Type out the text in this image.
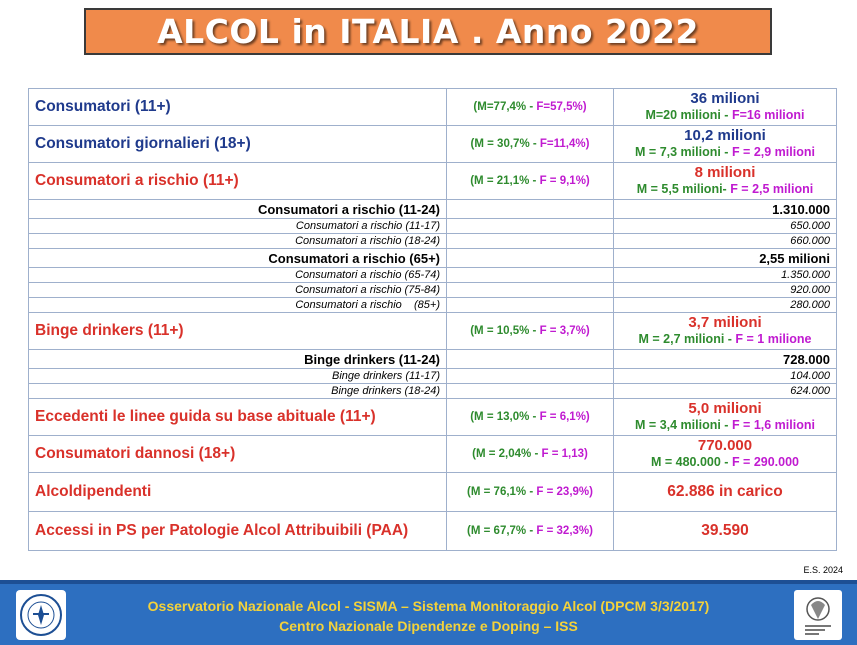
ALCOL in ITALIA . Anno 2022
Consumatori (11+)	(M=77,4% - F=57,5%)	36 milioni
M=20 milioni - F=16 milioni

Consumatori giornalieri (18+)	(M = 30,7% - F=11,4%)	10,2 milioni
M = 7,3 milioni - F = 2,9 milioni

Consumatori a rischio (11+)	(M = 21,1% - F = 9,1%)	8 milioni
M = 5,5 milioni- F = 2,5 milioni

Consumatori a rischio (11-24)		1.310.000
Consumatori a rischio (11-17)		650.000
Consumatori a rischio (18-24)		660.000
Consumatori a rischio (65+)		2,55 milioni
Consumatori a rischio (65-74)		1.350.000
Consumatori a rischio (75-84)		920.000
Consumatori a rischio    (85+)		280.000
Binge drinkers (11+)	(M = 10,5% - F = 3,7%)	3,7 milioni
M = 2,7 milioni - F = 1 milione

Binge drinkers (11-24)		728.000
Binge drinkers (11-17)		104.000
Binge drinkers (18-24)		624.000
Eccedenti le linee guida su base abituale (11+)	(M = 13,0% - F = 6,1%)	5,0 milioni
M = 3,4 milioni - F = 1,6 milioni

Consumatori dannosi (18+)	(M = 2,04% - F = 1,13)	770.000
M = 480.000 - F = 290.000

Alcoldipendenti	(M = 76,1% - F = 23,9%)	62.886 in carico
Accessi in PS per Patologie Alcol Attribuibili (PAA)	(M = 67,7% - F = 32,3%)	39.590
E.S. 2024
Osservatorio Nazionale Alcol - SISMA – Sistema Monitoraggio Alcol (DPCM 3/3/2017)
Centro Nazionale Dipendenze e Doping – ISS
